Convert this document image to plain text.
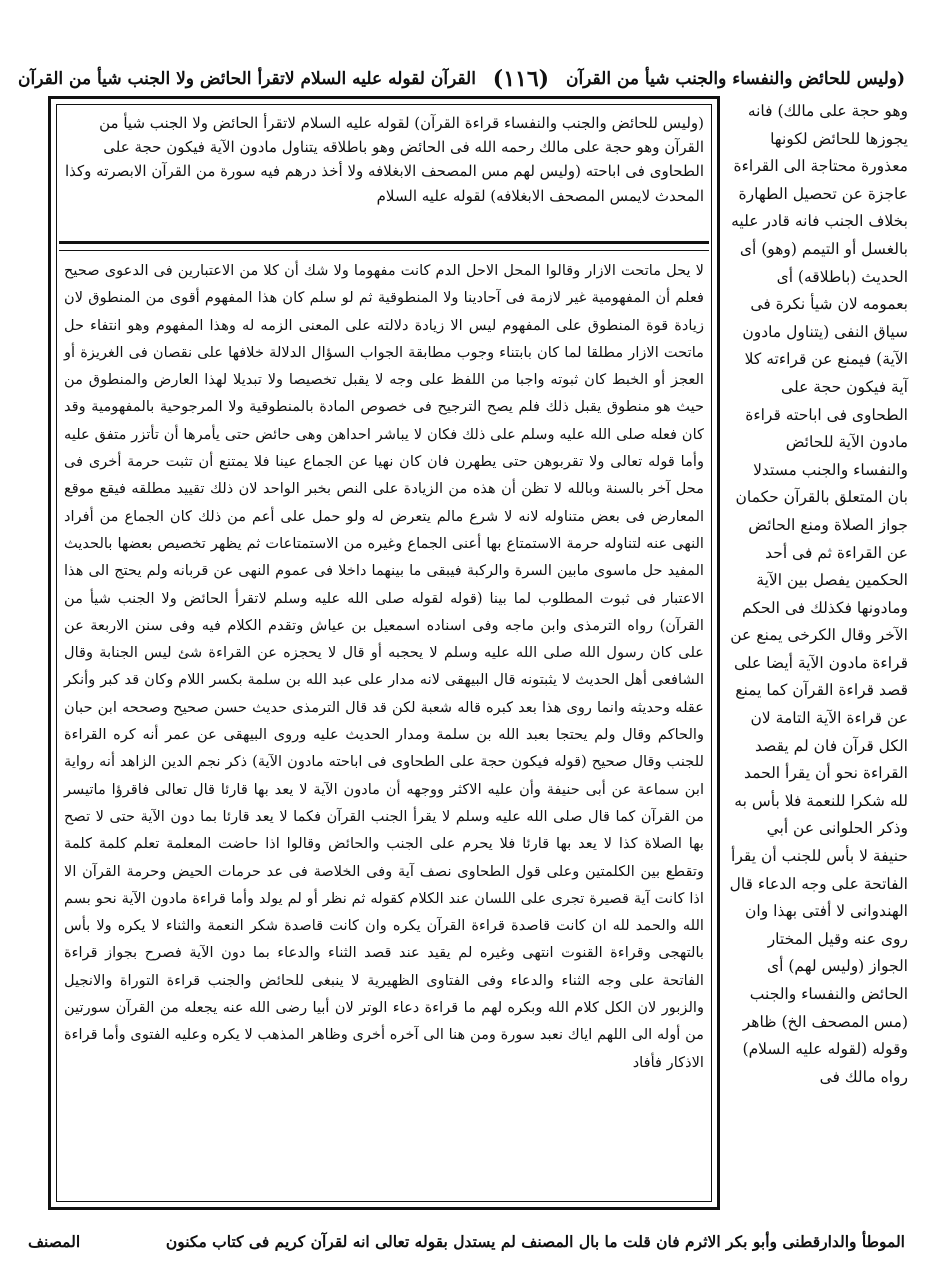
(وليس للحائض والنفساء والجنب شيأ من القرآن
(١١٦)
القرآن لقوله عليه السلام لاتقرأ الحائض ولا الجنب شيأ من القرآن

وهو حجة على مالك) فانه يجوزها للحائض لكونها معذورة محتاجة الى القراءة عاجزة عن تحصيل الطهارة بخلاف الجنب فانه قادر عليه بالغسل أو التيمم (وهو) أى الحديث (باطلاقه) أى بعمومه لان شيأ نكرة فى سياق النفى (يتناول مادون الآية) فيمنع عن قراءته كلا آية فيكون حجة على الطحاوى فى اباحته قراءة مادون الآية للحائض والنفساء والجنب مستدلا بان المتعلق بالقرآن حكمان جواز الصلاة ومنع الحائض عن القراءة ثم فى أحد الحكمين يفصل بين الآية ومادونها فكذلك فى الحكم الآخر وقال الكرخى يمنع عن قراءة مادون الآية أيضا على قصد قراءة القرآن كما يمنع عن قراءة الآية التامة لان الكل قرآن فان لم يقصد القراءة نحو أن يقرأ الحمد لله شكرا للنعمة فلا بأس به وذكر الحلوانى عن أبي حنيفة لا بأس للجنب أن يقرأ الفاتحة على وجه الدعاء قال الهندوانى لا أفتى بهذا وان روى عنه وقيل المختار الجواز (وليس لهم) أى الحائض والنفساء والجنب (مس المصحف الخ) ظاهر وقوله (لقوله عليه السلام) رواه مالك فى

(وليس للحائض والجنب والنفساء قراءة القرآن) لقوله عليه السلام لاتقرأ الحائض ولا الجنب شيأ من القرآن وهو حجة على مالك رحمه الله فى الحائض وهو باطلاقه يتناول مادون الآية فيكون حجة على الطحاوى فى اباحته (وليس لهم مس المصحف الابغلافه ولا أخذ درهم فيه سورة من القرآن الابصرته وكذا المحدث لايمس المصحف الابغلافه) لقوله عليه السلام

لا يحل ماتحت الازار وقالوا المحل الاحل الدم كانت مفهوما ولا شك أن كلا من الاعتبارين فى الدعوى صحيح فعلم أن المفهومية غير لازمة فى آحادينا ولا المنطوقية ثم لو سلم كان هذا المفهوم أقوى من المنطوق لان زيادة قوة المنطوق على المفهوم ليس الا زيادة دلالته على المعنى الزمه له وهذا المفهوم وهو انتفاء حل ماتحت الازار مطلقا لما كان بابتناء وجوب مطابقة الجواب السؤال الدلالة خلافها على نقصان فى الغريزة أو العجز أو الخبط كان ثبوته واجبا من اللفظ على وجه لا يقبل تخصيصا ولا تبديلا لهذا العارض والمنطوق من حيث هو منطوق يقبل ذلك فلم يصح الترجيح فى خصوص المادة بالمنطوقية ولا المرجوحية بالمفهومية وقد كان فعله صلى الله عليه وسلم على ذلك فكان لا يباشر احداهن وهى حائض حتى يأمرها أن تأتزر متفق عليه وأما قوله تعالى ولا تقربوهن حتى يطهرن فان كان نهيا عن الجماع عينا فلا يمتنع أن تثبت حرمة أخرى فى محل آخر بالسنة وبالله لا تظن أن هذه من الزيادة على النص بخبر الواحد لان ذلك تقييد مطلقه فيقع موقع المعارض فى بعض متناوله لانه لا شرع مالم يتعرض له ولو حمل على أعم من ذلك كان الجماع من أفراد النهى عنه لتناوله حرمة الاستمتاع بها أعنى الجماع وغيره من الاستمتاعات ثم يظهر تخصيص بعضها بالحديث المفيد حل ماسوى مابين السرة والركبة فيبقى ما بينهما داخلا فى عموم النهى عن قربانه ولم يحتج الى هذا الاعتبار فى ثبوت المطلوب لما بينا (قوله لقوله صلى الله عليه وسلم لاتقرأ الحائض ولا الجنب شيأ من القرآن) رواه الترمذى وابن ماجه وفى اسناده اسمعيل بن عياش وتقدم الكلام فيه وفى سنن الاربعة عن على كان رسول الله صلى الله عليه وسلم لا يحجبه أو قال لا يحجزه عن القراءة شئ ليس الجنابة وقال الشافعى أهل الحديث لا يثبتونه قال البيهقى لانه مدار على عبد الله بن سلمة بكسر اللام وكان قد كبر وأنكر عقله وحديثه وانما روى هذا بعد كبره قاله شعبة لكن قد قال الترمذى حديث حسن صحيح وصححه ابن حبان والحاكم وقال ولم يحتجا بعبد الله بن سلمة ومدار الحديث عليه وروى البيهقى عن عمر أنه كره القراءة للجنب وقال صحيح (قوله فيكون حجة على الطحاوى فى اباحته مادون الآية) ذكر نجم الدين الزاهد أنه رواية ابن سماعة عن أبى حنيفة وأن عليه الاكثر ووجهه أن مادون الآية لا يعد بها قارئا قال تعالى فاقرؤا ماتيسر من القرآن كما قال صلى الله عليه وسلم لا يقرأ الجنب القرآن فكما لا يعد قارئا بما دون الآية حتى لا تصح بها الصلاة كذا لا يعد بها قارئا فلا يحرم على الجنب والحائض وقالوا اذا حاضت المعلمة تعلم كلمة كلمة وتقطع بين الكلمتين وعلى قول الطحاوى نصف آية وفى الخلاصة فى عد حرمات الحيض وحرمة القرآن الا اذا كانت آية قصيرة تجرى على اللسان عند الكلام كقوله ثم نظر أو لم يولد وأما قراءة مادون الآية نحو بسم الله والحمد لله ان كانت قاصدة قراءة القرآن يكره وان كانت قاصدة شكر النعمة والثناء لا يكره ولا بأس بالتهجى وقراءة القنوت انتهى وغيره لم يقيد عند قصد الثناء والدعاء بما دون الآية فصرح بجواز قراءة الفاتحة على وجه الثناء والدعاء وفى الفتاوى الظهيرية لا ينبغى للحائض والجنب قراءة التوراة والانجيل والزبور لان الكل كلام الله وبكره لهم ما قراءة دعاء الوتر لان أبيا رضى الله عنه يجعله من القرآن سورتين من أوله الى اللهم اياك نعبد سورة ومن هنا الى آخره أخرى وظاهر المذهب لا يكره وعليه الفتوى وأما قراءة الاذكار فأفاد

الموطأ والدارقطنى وأبو بكر الاثرم فان قلت ما بال المصنف لم يستدل بقوله تعالى انه لقرآن كريم فى كتاب مكنون
المصنف
